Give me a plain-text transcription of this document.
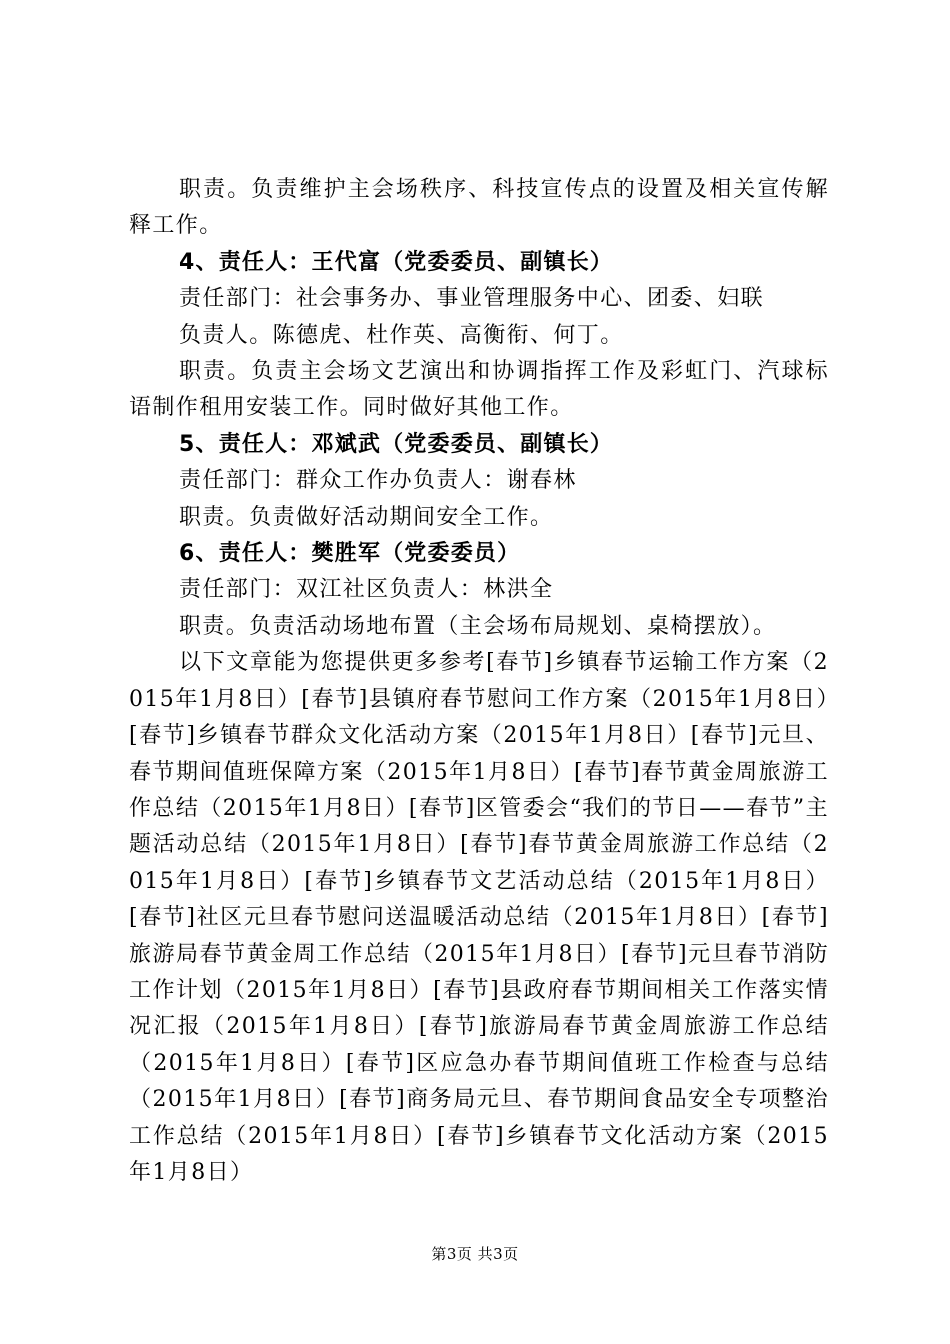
职责。负责维护主会场秩序、科技宣传点的设置及相关宣传解释工作。

4、责任人：王代富（党委委员、副镇长）

责任部门：社会事务办、事业管理服务中心、团委、妇联

负责人。陈德虎、杜作英、高衡衔、何丁。

职责。负责主会场文艺演出和协调指挥工作及彩虹门、汽球标语制作租用安装工作。同时做好其他工作。

5、责任人：邓斌武（党委委员、副镇长）

责任部门：群众工作办负责人：谢春林

职责。负责做好活动期间安全工作。

6、责任人：樊胜军（党委委员）

责任部门：双江社区负责人：林洪全

职责。负责活动场地布置（主会场布局规划、桌椅摆放）。

以下文章能为您提供更多参考[春节]乡镇春节运输工作方案（2015年1月8日）[春节]县镇府春节慰问工作方案（2015年1月8日）[春节]乡镇春节群众文化活动方案（2015年1月8日）[春节]元旦、春节期间值班保障方案（2015年1月8日）[春节]春节黄金周旅游工作总结（2015年1月8日）[春节]区管委会“我们的节日——春节”主题活动总结（2015年1月8日）[春节]春节黄金周旅游工作总结（2015年1月8日）[春节]乡镇春节文艺活动总结（2015年1月8日）[春节]社区元旦春节慰问送温暖活动总结（2015年1月8日）[春节]旅游局春节黄金周工作总结（2015年1月8日）[春节]元旦春节消防工作计划（2015年1月8日）[春节]县政府春节期间相关工作落实情况汇报（2015年1月8日）[春节]旅游局春节黄金周旅游工作总结（2015年1月8日）[春节]区应急办春节期间值班工作检查与总结（2015年1月8日）[春节]商务局元旦、春节期间食品安全专项整治工作总结（2015年1月8日）[春节]乡镇春节文化活动方案（2015年1月8日）

第3页 共3页
